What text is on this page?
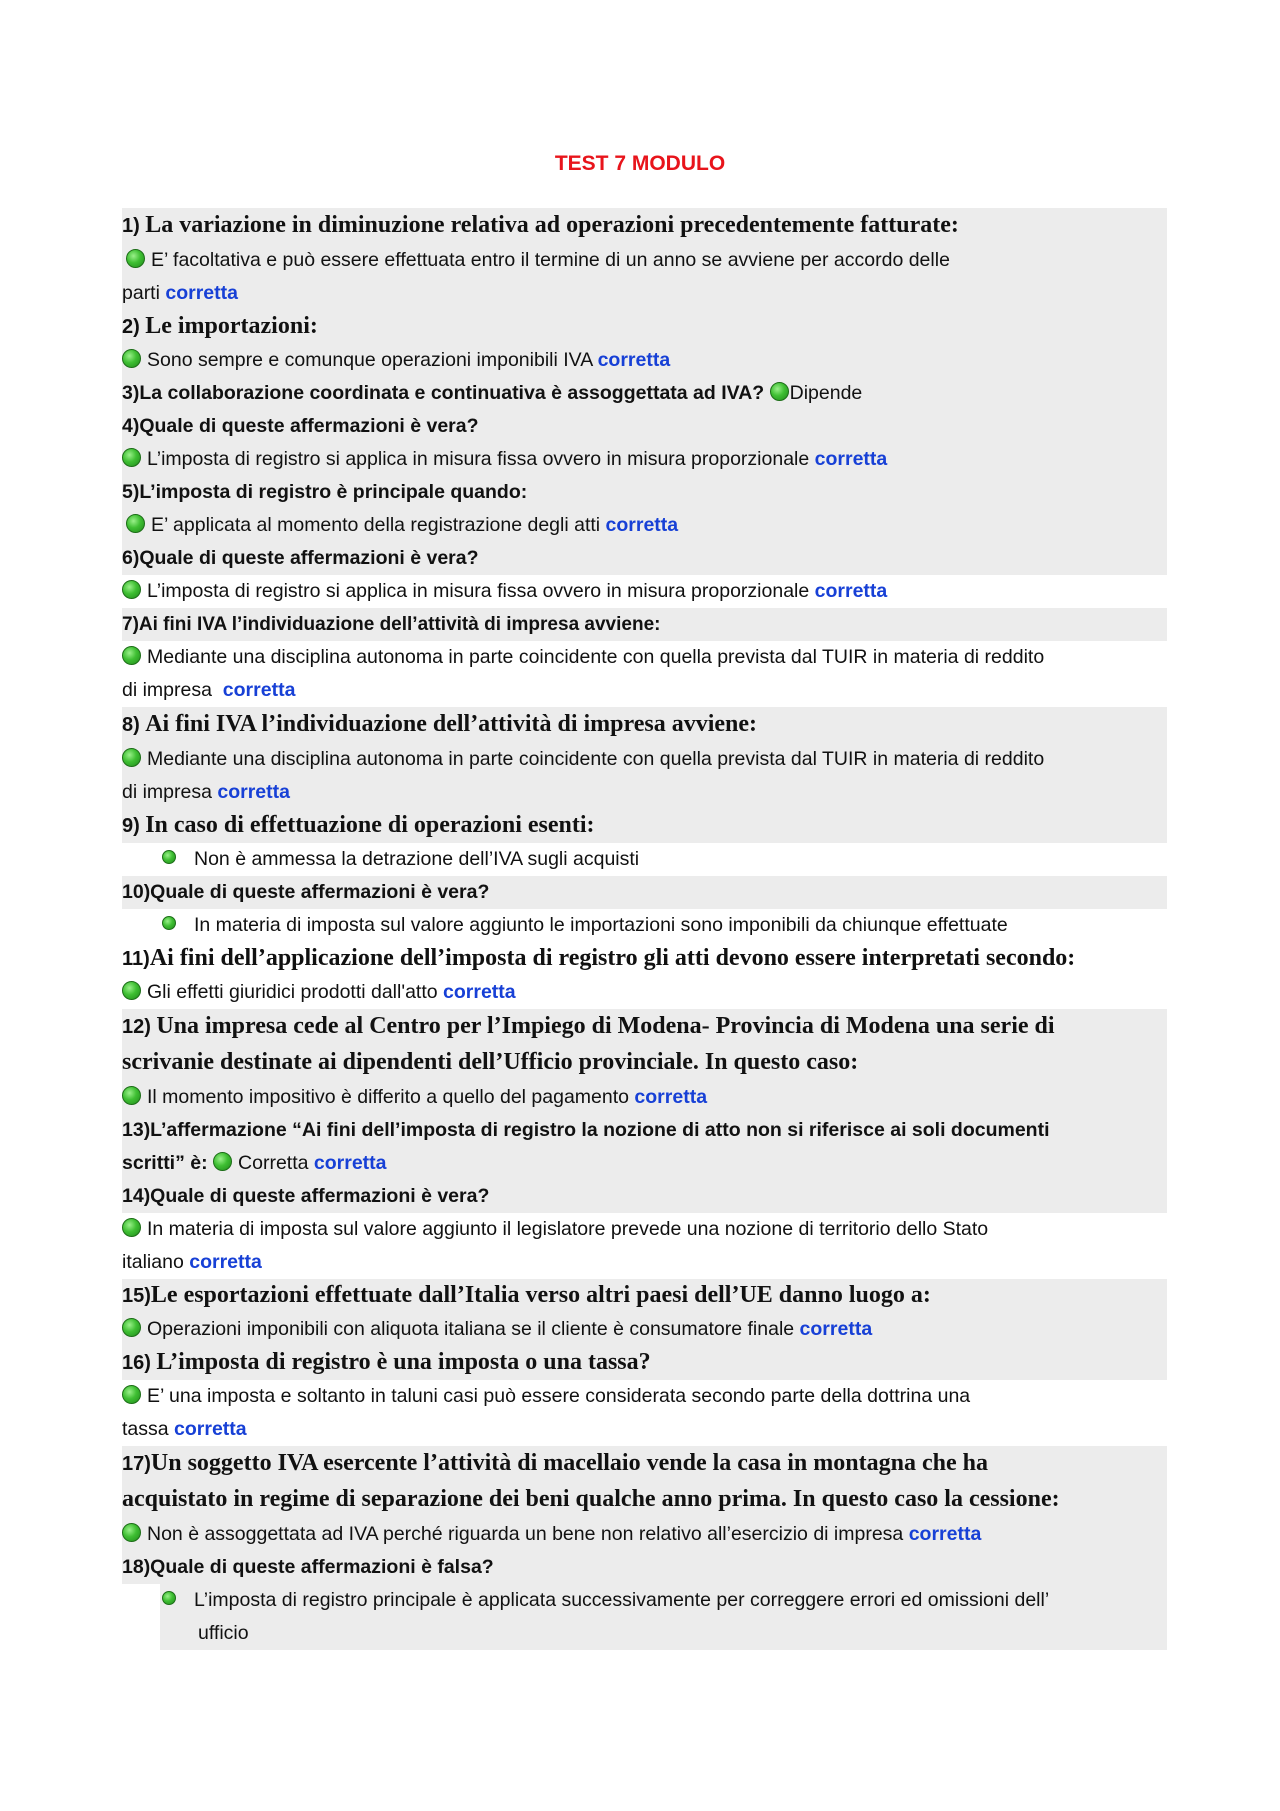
TEST 7 MODULO
1) La variazione in diminuzione relativa ad operazioni precedentemente fatturate:
E’ facoltativa e può essere effettuata entro il termine di un anno se avviene per accordo delle
parti corretta
2) Le importazioni:
Sono sempre e comunque operazioni imponibili IVA corretta
3)La collaborazione coordinata e continuativa è assoggettata ad IVA? Dipende
4)Quale di queste affermazioni è vera?
L’imposta di registro si applica in misura fissa ovvero in misura proporzionale corretta
5)L’imposta di registro è principale quando:
E’ applicata al momento della registrazione degli atti corretta
6)Quale di queste affermazioni è vera?
L’imposta di registro si applica in misura fissa ovvero in misura proporzionale corretta
7)Ai fini IVA l’individuazione dell’attività di impresa avviene:
Mediante una disciplina autonoma in parte coincidente con quella prevista dal TUIR in materia di reddito
di impresa corretta
8) Ai fini IVA l’individuazione dell’attività di impresa avviene:
Mediante una disciplina autonoma in parte coincidente con quella prevista dal TUIR in materia di reddito
di impresa corretta
9) In caso di effettuazione di operazioni esenti:
Non è ammessa la detrazione dell’IVA sugli acquisti
10)Quale di queste affermazioni è vera?
In materia di imposta sul valore aggiunto le importazioni sono imponibili da chiunque effettuate
11)Ai fini dell’applicazione dell’imposta di registro gli atti devono essere interpretati secondo:
Gli effetti giuridici prodotti dall'atto corretta
12) Una impresa cede al Centro per l’Impiego di Modena- Provincia di Modena una serie di
scrivanie destinate ai dipendenti dell’Ufficio provinciale. In questo caso:
Il momento impositivo è differito a quello del pagamento corretta
13)L’affermazione “Ai fini dell’imposta di registro la nozione di atto non si riferisce ai soli documenti
scritti” è: Corretta corretta
14)Quale di queste affermazioni è vera?
In materia di imposta sul valore aggiunto il legislatore prevede una nozione di territorio dello Stato
italiano corretta
15)Le esportazioni effettuate dall’Italia verso altri paesi dell’UE danno luogo a:
Operazioni imponibili con aliquota italiana se il cliente è consumatore finale corretta
16) L’imposta di registro è una imposta o una tassa?
E’ una imposta e soltanto in taluni casi può essere considerata secondo parte della dottrina una
tassa corretta
17)Un soggetto IVA esercente l’attività di macellaio vende la casa in montagna che ha
acquistato in regime di separazione dei beni qualche anno prima. In questo caso la cessione:
Non è assoggettata ad IVA perché riguarda un bene non relativo all’esercizio di impresa corretta
18)Quale di queste affermazioni è falsa?
L’imposta di registro principale è applicata successivamente per correggere errori ed omissioni dell’
ufficio
